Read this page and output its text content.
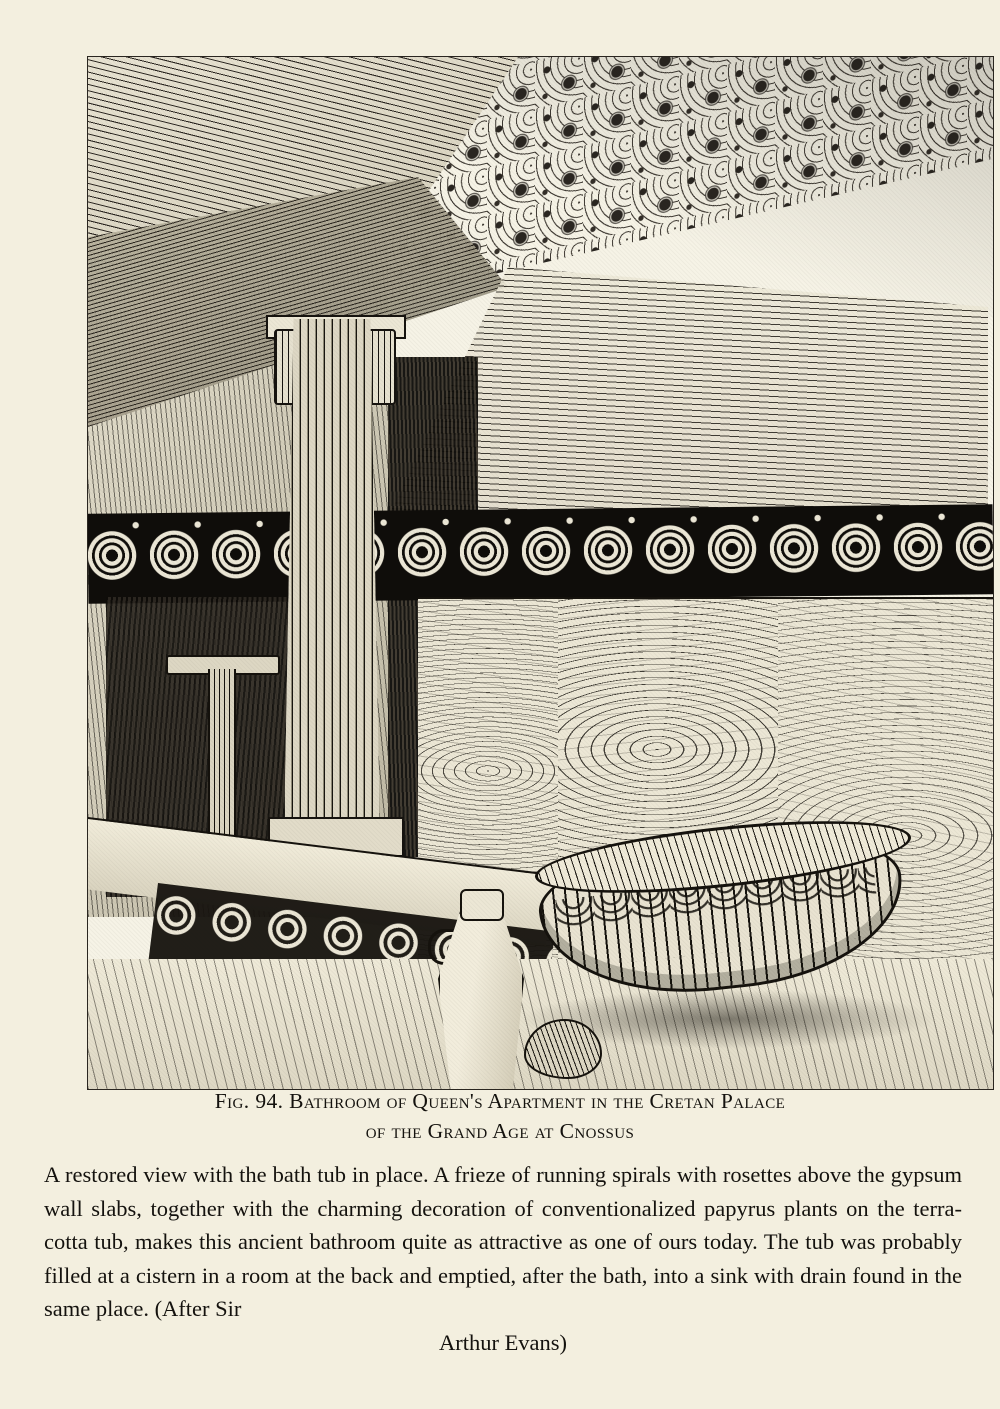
Fig. 94. Bathroom of Queen's Apartment in the Cretan Palace
of the Grand Age at Cnossus
A restored view with the bath tub in place. A frieze of running spirals with rosettes above the gypsum wall slabs, together with the charming decoration of conventionalized papyrus plants on the terra-cotta tub, makes this ancient bathroom quite as attractive as one of ours today. The tub was probably filled at a cistern in a room at the back and emptied, after the bath, into a sink with drain found in the same place. (After Sir
Arthur Evans)
